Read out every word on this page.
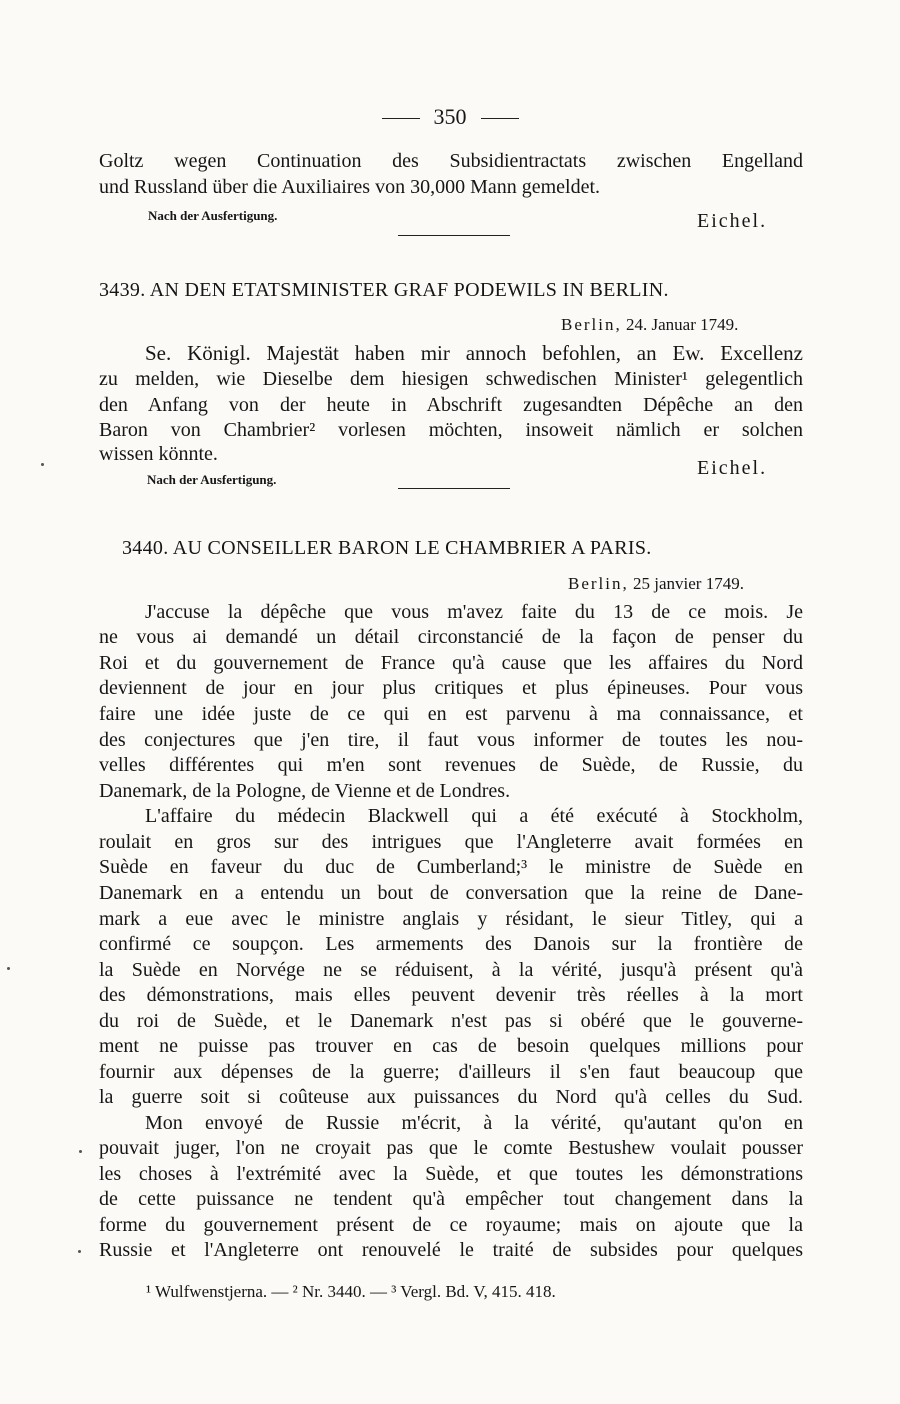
350
Goltz wegen Continuation des Subsidientractats zwischen Engelland
und Russland über die Auxiliaires von 30,000 Mann gemeldet.
Nach der Ausfertigung.	Eichel.
3439. AN DEN ETATSMINISTER GRAF PODEWILS IN BERLIN.
Berlin, 24. Januar 1749.
Se. Königl. Majestät haben mir annoch befohlen, an Ew. Excellenz
zu melden, wie Dieselbe dem hiesigen schwedischen Minister¹ gelegentlich
den Anfang von der heute in Abschrift zugesandten Dépêche an den
Baron von Chambrier² vorlesen möchten, insoweit nämlich er solchen
wissen könnte.
Nach der Ausfertigung.
Eichel.
3440. AU CONSEILLER BARON LE CHAMBRIER A PARIS.
Berlin, 25 janvier 1749.
J'accuse la dépêche que vous m'avez faite du 13 de ce mois. Je
ne vous ai demandé un détail circonstancié de la façon de penser du
Roi et du gouvernement de France qu'à cause que les affaires du Nord
deviennent de jour en jour plus critiques et plus épineuses. Pour vous
faire une idée juste de ce qui en est parvenu à ma connaissance, et
des conjectures que j'en tire, il faut vous informer de toutes les nou-
velles différentes qui m'en sont revenues de Suède, de Russie, du
Danemark, de la Pologne, de Vienne et de Londres.
L'affaire du médecin Blackwell qui a été exécuté à Stockholm,
roulait en gros sur des intrigues que l'Angleterre avait formées en
Suède en faveur du duc de Cumberland;³ le ministre de Suède en
Danemark en a entendu un bout de conversation que la reine de Dane-
mark a eue avec le ministre anglais y résidant, le sieur Titley, qui a
confirmé ce soupçon. Les armements des Danois sur la frontière de
la Suède en Norvége ne se réduisent, à la vérité, jusqu'à présent qu'à
des démonstrations, mais elles peuvent devenir très réelles à la mort
du roi de Suède, et le Danemark n'est pas si obéré que le gouverne-
ment ne puisse pas trouver en cas de besoin quelques millions pour
fournir aux dépenses de la guerre; d'ailleurs il s'en faut beaucoup que
la guerre soit si coûteuse aux puissances du Nord qu'à celles du Sud.
Mon envoyé de Russie m'écrit, à la vérité, qu'autant qu'on en
pouvait juger, l'on ne croyait pas que le comte Bestushew voulait pousser
les choses à l'extrémité avec la Suède, et que toutes les démonstrations
de cette puissance ne tendent qu'à empêcher tout changement dans la
forme du gouvernement présent de ce royaume; mais on ajoute que la
Russie et l'Angleterre ont renouvelé le traité de subsides pour quelques
¹ Wulfwenstjerna. — ² Nr. 3440. — ³ Vergl. Bd. V, 415. 418.
